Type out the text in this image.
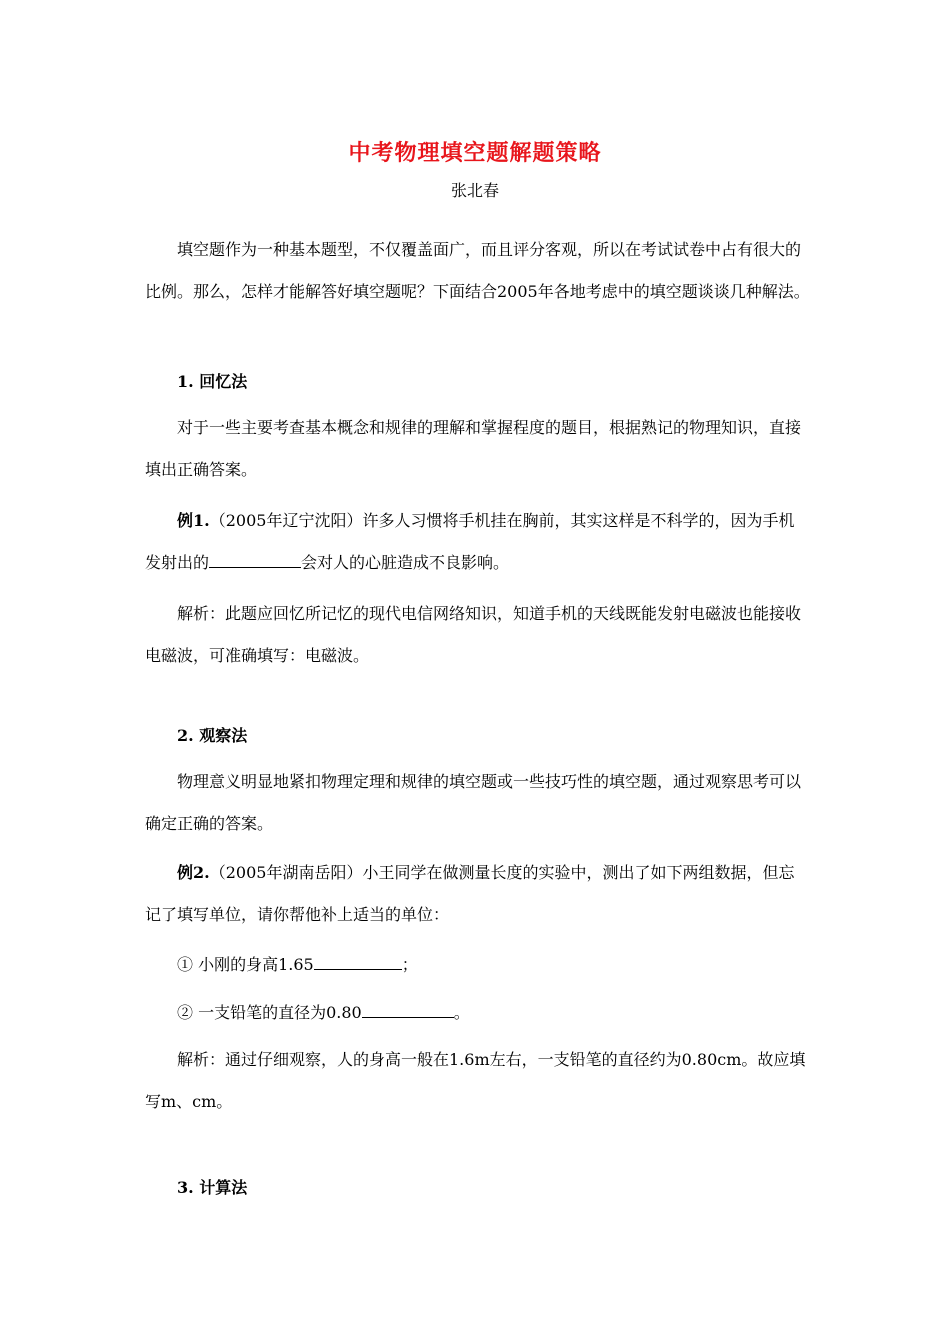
中考物理填空题解题策略
张北春

填空题作为一种基本题型，不仅覆盖面广，而且评分客观，所以在考试试卷中占有很大的比例。那么，怎样才能解答好填空题呢？下面结合2005年各地考虑中的填空题谈谈几种解法。

1. 回忆法

对于一些主要考查基本概念和规律的理解和掌握程度的题目，根据熟记的物理知识，直接填出正确答案。

例1.（2005年辽宁沈阳）许多人习惯将手机挂在胸前，其实这样是不科学的，因为手机发射出的	会对人的心脏造成不良影响。

解析：此题应回忆所记忆的现代电信网络知识，知道手机的天线既能发射电磁波也能接收电磁波，可准确填写：电磁波。

2. 观察法

物理意义明显地紧扣物理定理和规律的填空题或一些技巧性的填空题，通过观察思考可以确定正确的答案。

例2.（2005年湖南岳阳）小王同学在做测量长度的实验中，测出了如下两组数据，但忘记了填写单位，请你帮他补上适当的单位：

① 小刚的身高1.65	；

② 一支铅笔的直径为0.80	。

解析：通过仔细观察，人的身高一般在1.6m左右，一支铅笔的直径约为0.80cm。故应填写m、cm。

3. 计算法
